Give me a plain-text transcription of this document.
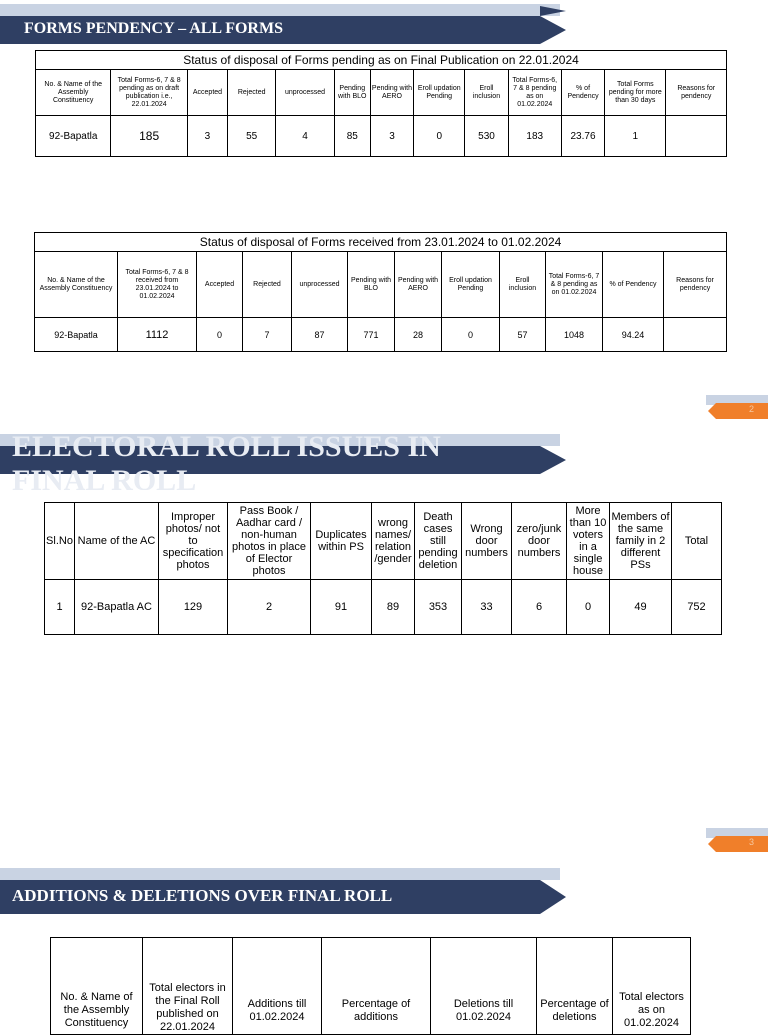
FORMS PENDENCY – ALL FORMS
Status of disposal of Forms pending as on Final Publication on 22.01.2024												
No. & Name of the Assembly Constituency	Total Forms-6, 7 & 8 pending as on draft publication i.e., 22.01.2024	Accepted	Rejected	unprocessed	Pending with BLO	Pending with AERO	Eroll updation Pending	Eroll inclusion	Total Forms-6, 7 & 8 pending as on 01.02.2024	% of Pendency	Total Forms pending for more than 30 days	Reasons for pendency
92-Bapatla	185	3	55	4	85	3	0	530	183	23.76	1	
Status of disposal of Forms received from 23.01.2024 to 01.02.2024											
No. & Name of the Assembly Constituency	Total Forms-6, 7 & 8 received from 23.01.2024 to 01.02.2024	Accepted	Rejected	unprocessed	Pending with BLO	Pending with AERO	Eroll updation Pending	Eroll inclusion	Total Forms-6, 7 & 8 pending as on 01.02.2024	% of Pendency	Reasons for pendency
92-Bapatla	1112	0	7	87	771	28	0	57	1048	94.24	
2
ELECTORAL ROLL ISSUES IN
FINAL ROLL
Sl.No	Name of the AC	Improper photos/ not to specification photos	Pass Book / Aadhar card / non-human photos in place of Elector photos	Duplicates within PS	wrong names/ relation /gender	Death cases still pending deletion	Wrong door numbers	zero/junk door numbers	More than 10 voters in a single house	Members of the same family in 2 different PSs	Total
1	92-Bapatla AC	129	2	91	89	353	33	6	0	49	752
3
ADDITIONS & DELETIONS OVER FINAL ROLL
No. & Name of the Assembly Constituency	Total electors in the Final Roll published on 22.01.2024	Additions till 01.02.2024	Percentage of additions	Deletions till 01.02.2024	Percentage of deletions	Total electors as on 01.02.2024
